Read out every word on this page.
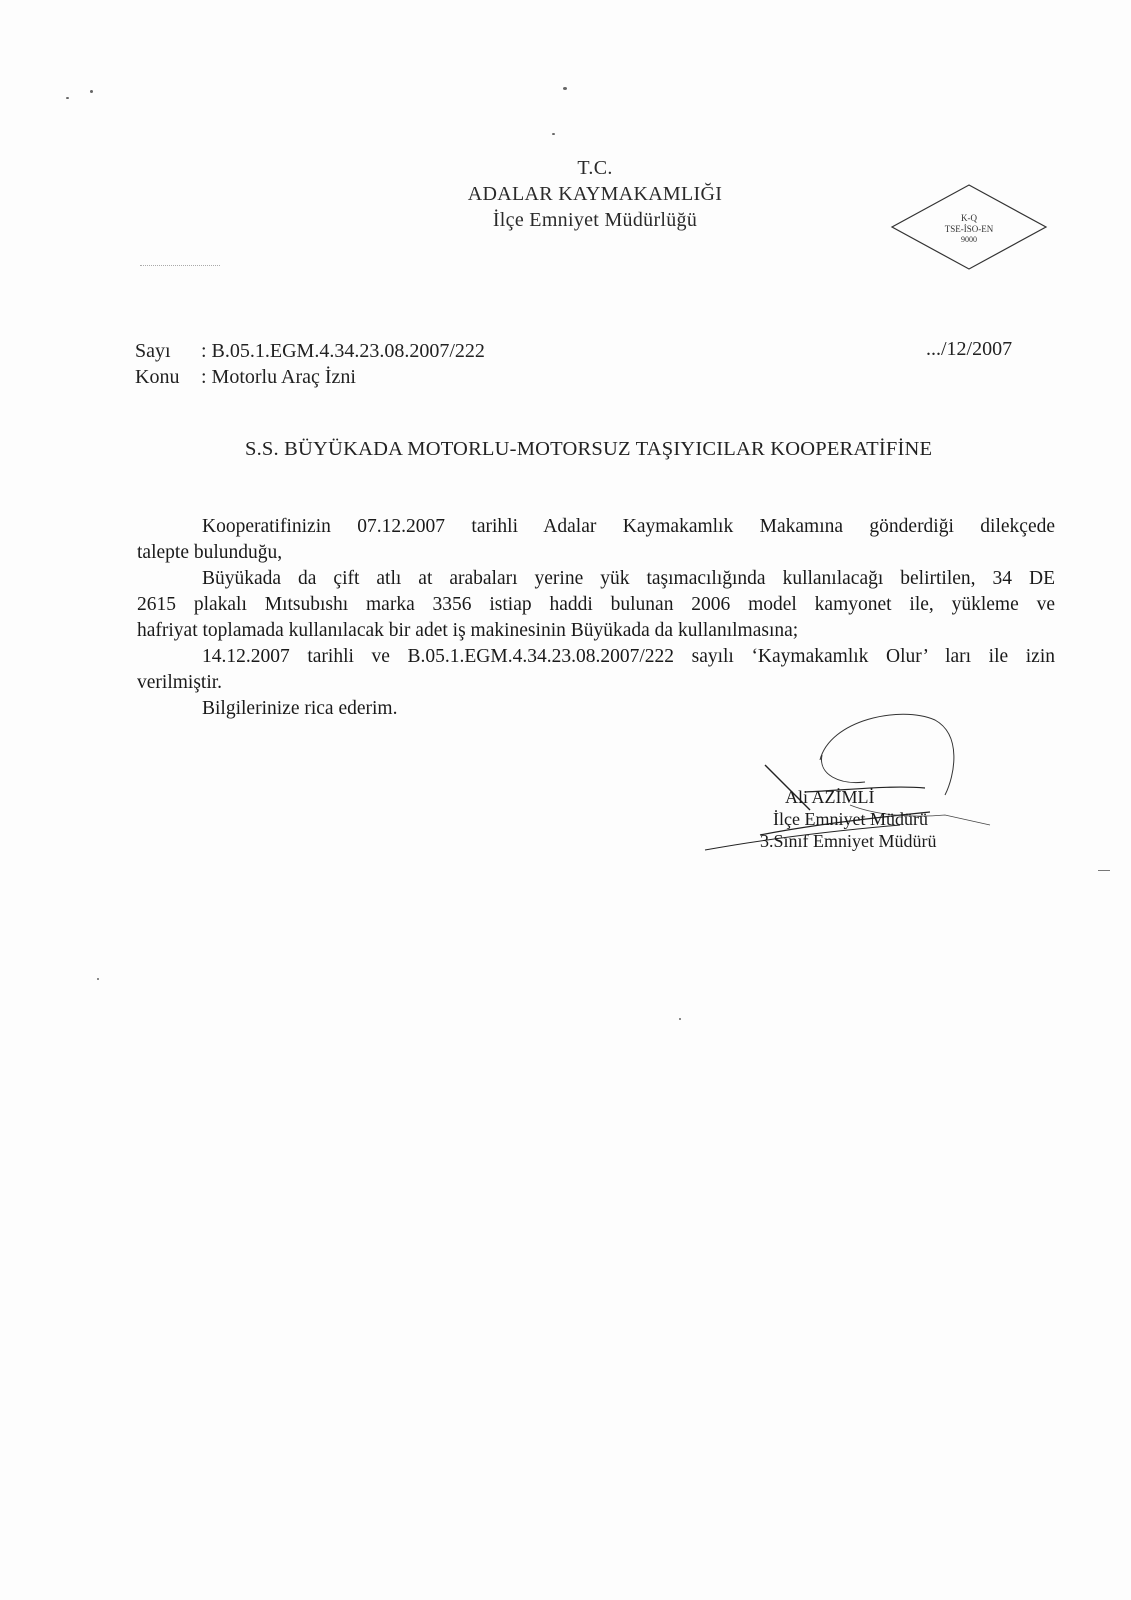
T.C.
ADALAR KAYMAKAMLIĞI
İlçe Emniyet Müdürlüğü	K-Q
TSE-İSO-EN
9000
Sayı : B.05.1.EGM.4.34.23.08.2007/222
Konu : Motorlu Araç İzni
.../12/2007
S.S. BÜYÜKADA MOTORLU-MOTORSUZ TAŞIYICILAR KOOPERATİFİNE

Kooperatifinizin 07.12.2007 tarihli Adalar Kaymakamlık Makamına gönderdiği dilekçede

talepte bulunduğu,

Büyükada da çift atlı at arabaları yerine yük taşımacılığında kullanılacağı belirtilen, 34 DE

2615 plakalı Mıtsubıshı marka 3356 istiap haddi bulunan 2006 model kamyonet ile, yükleme ve

hafriyat toplamada kullanılacak bir adet iş makinesinin Büyükada da kullanılmasına;

14.12.2007 tarihli ve B.05.1.EGM.4.34.23.08.2007/222 sayılı ‘Kaymakamlık Olur’ ları ile izin

verilmiştir.

Bilgilerinize rica ederim.

Ali AZİMLİ
İlçe Emniyet Müdürü
3.Sınıf Emniyet Müdürü
